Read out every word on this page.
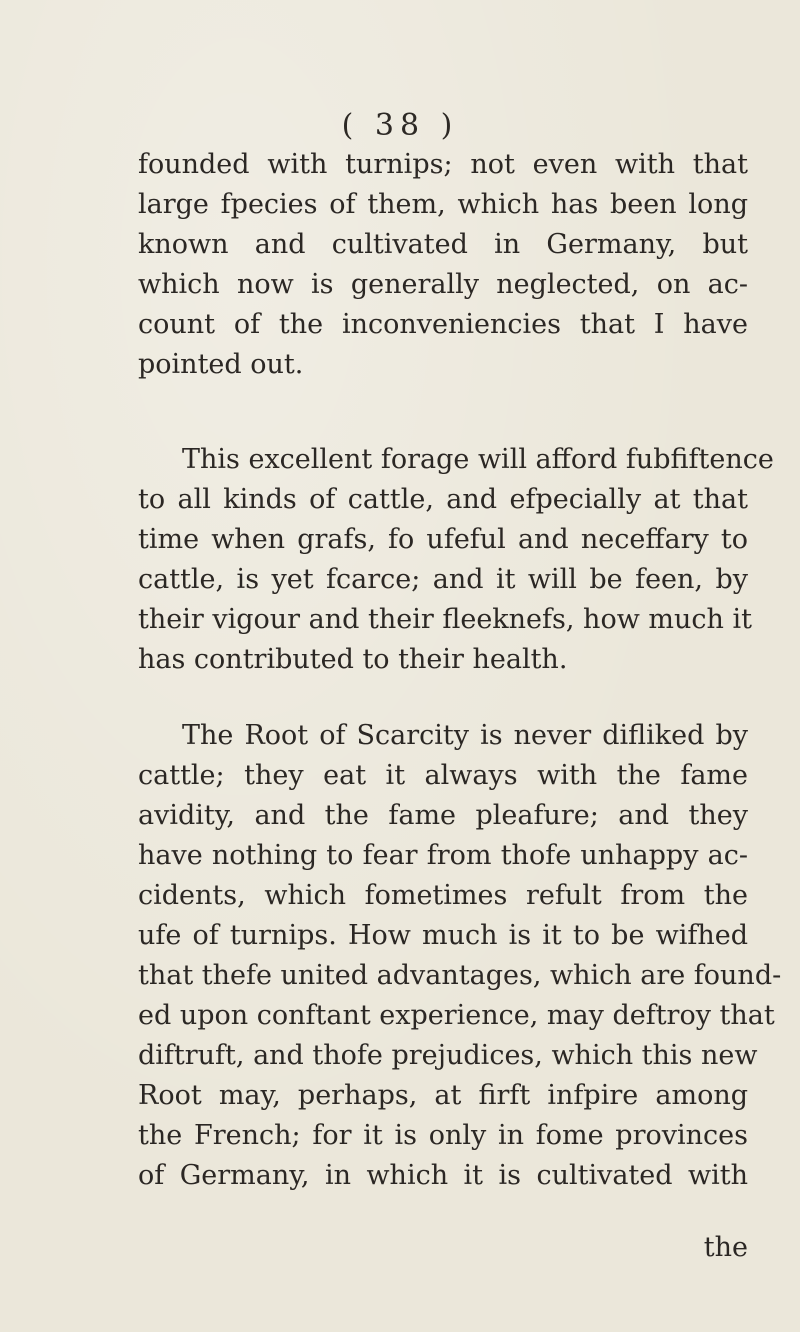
( 38 )
founded with turnips; not even with that
large fpecies of them, which has been long
known and cultivated in Germany, but
which now is generally neglected, on ac-
count of the inconveniencies that I have
pointed out.
This excellent forage will afford fubfiftence
to all kinds of cattle, and efpecially at that
time when grafs, fo ufeful and neceffary to
cattle, is yet fcarce; and it will be feen, by
their vigour and their fleeknefs, how much it
has contributed to their health.
The Root of Scarcity is never difliked by
cattle; they eat it always with the fame
avidity, and the fame pleafure; and they
have nothing to fear from thofe unhappy ac-
cidents, which fometimes refult from the
ufe of turnips. How much is it to be wifhed
that thefe united advantages, which are found-
ed upon conftant experience, may deftroy that
diftruft, and thofe prejudices, which this new
Root may, perhaps, at firft infpire among
the French; for it is only in fome provinces
of Germany, in which it is cultivated with
the
